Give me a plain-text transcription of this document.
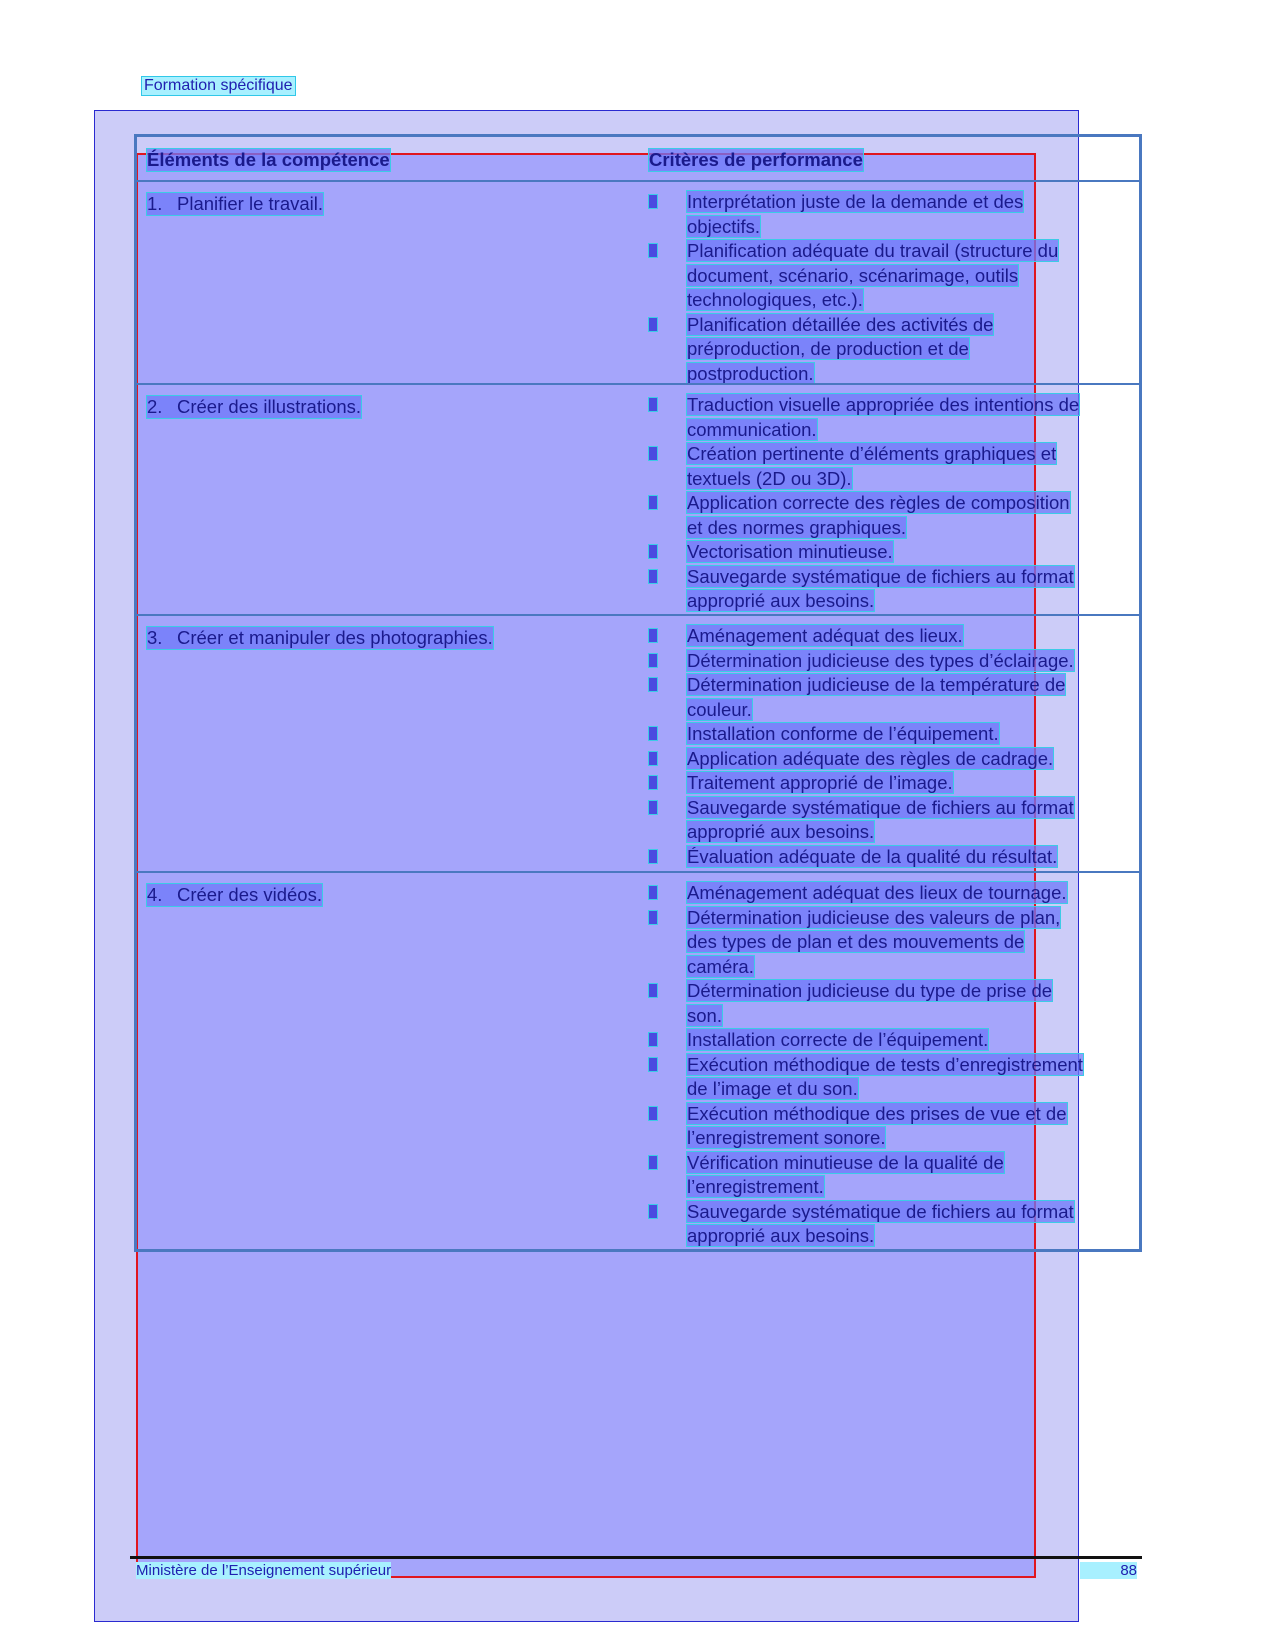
Formation spécifique
Éléments de la compétence	Critères de performance
1. Planifier le travail.	Interprétation juste de la demande et des
objectifs.
Planification adéquate du travail (structure du
document, scénario, scénarimage, outils
technologiques, etc.).
Planification détaillée des activités de
préproduction, de production et de
postproduction.
2. Créer des illustrations.	Traduction visuelle appropriée des intentions de
communication.
Création pertinente d’éléments graphiques et
textuels (2D ou 3D).
Application correcte des règles de composition
et des normes graphiques.
Vectorisation minutieuse.
Sauvegarde systématique de fichiers au format
approprié aux besoins.
3. Créer et manipuler des photographies.	Aménagement adéquat des lieux.
Détermination judicieuse des types d’éclairage.
Détermination judicieuse de la température de
couleur.
Installation conforme de l’équipement.
Application adéquate des règles de cadrage.
Traitement approprié de l’image.
Sauvegarde systématique de fichiers au format
approprié aux besoins.
Évaluation adéquate de la qualité du résultat.
4. Créer des vidéos.	Aménagement adéquat des lieux de tournage.
Détermination judicieuse des valeurs de plan,
des types de plan et des mouvements de
caméra.
Détermination judicieuse du type de prise de
son.
Installation correcte de l’équipement.
Exécution méthodique de tests d’enregistrement
de l’image et du son.
Exécution méthodique des prises de vue et de
l’enregistrement sonore.
Vérification minutieuse de la qualité de
l’enregistrement.
Sauvegarde systématique de fichiers au format
approprié aux besoins.
Ministère de l’Enseignement supérieur	88
